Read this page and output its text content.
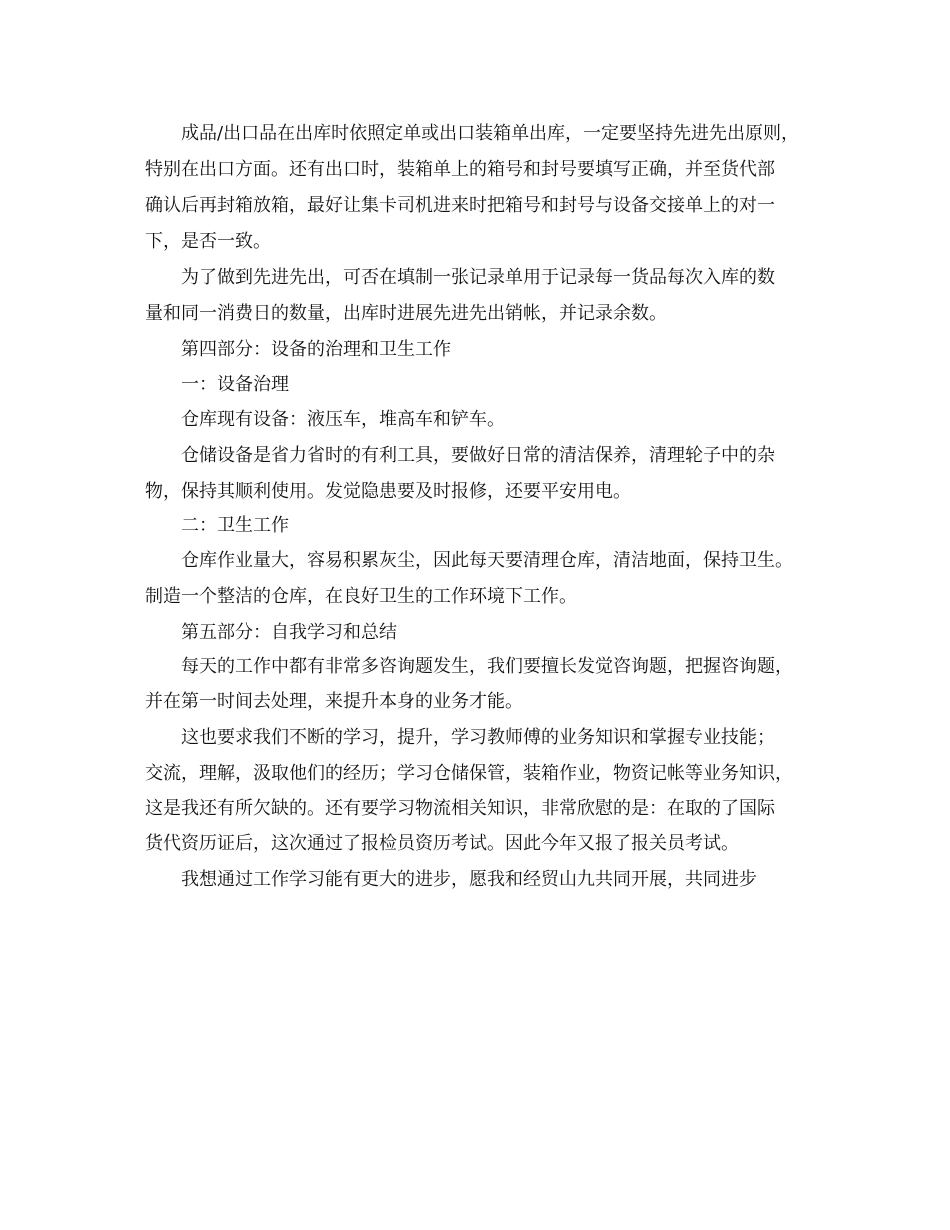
成品/出口品在出库时依照定单或出口装箱单出库，一定要坚持先进先出原则，
特别在出口方面。还有出口时，装箱单上的箱号和封号要填写正确，并至货代部
确认后再封箱放箱，最好让集卡司机进来时把箱号和封号与设备交接单上的对一
下，是否一致。
为了做到先进先出，可否在填制一张记录单用于记录每一货品每次入库的数
量和同一消费日的数量，出库时进展先进先出销帐，并记录余数。
第四部分：设备的治理和卫生工作
一：设备治理
仓库现有设备：液压车，堆高车和铲车。
仓储设备是省力省时的有利工具，要做好日常的清洁保养，清理轮子中的杂
物，保持其顺利使用。发觉隐患要及时报修，还要平安用电。
二：卫生工作
仓库作业量大，容易积累灰尘，因此每天要清理仓库，清洁地面，保持卫生。
制造一个整洁的仓库，在良好卫生的工作环境下工作。
第五部分：自我学习和总结
每天的工作中都有非常多咨询题发生，我们要擅长发觉咨询题，把握咨询题，
并在第一时间去处理，来提升本身的业务才能。
这也要求我们不断的学习，提升，学习教师傅的业务知识和掌握专业技能；
交流，理解，汲取他们的经历；学习仓储保管，装箱作业，物资记帐等业务知识，
这是我还有所欠缺的。还有要学习物流相关知识，非常欣慰的是：在取的了国际
货代资历证后，这次通过了报检员资历考试。因此今年又报了报关员考试。
我想通过工作学习能有更大的进步，愿我和经贸山九共同开展，共同进步
